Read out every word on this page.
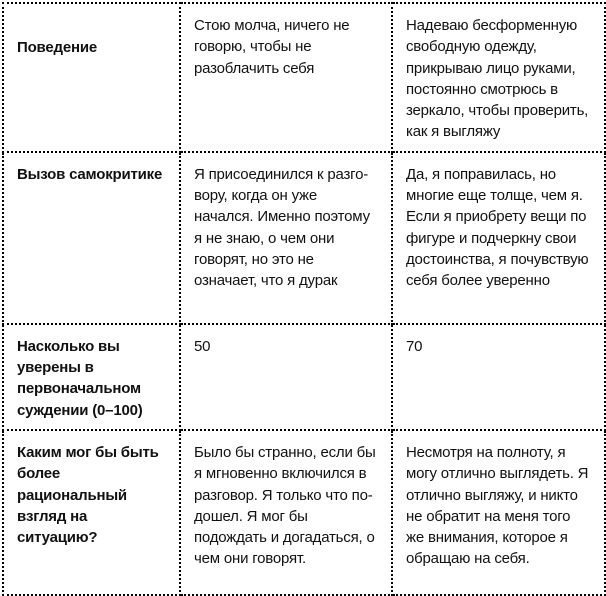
Поведение	Стою молча, ничего не говорю, чтобы не разоблачить себя	Надеваю бесформенную свободную одежду, прикрываю лицо руками, постоянно смотрюсь в зеркало, чтобы проверить, как я выгляжу
Вызов самокритике	Я присоединился к разговору, когда он уже начался. Именно поэтому я не знаю, о чем они говорят, но это не означает, что я дурак	Да, я поправилась, но многие еще толще, чем я. Если я приобрету вещи по фигуре и подчеркну свои достоинства, я почувствую себя более уверенно
Насколько вы уверены в первоначальном суждении (0–100)	50	70
Каким мог бы быть более рациональный взгляд на ситуацию?	Было бы странно, если бы я мгновенно включился в разговор. Я только что подошел. Я мог бы подождать и догадаться, о чем они говорят.	Несмотря на полноту, я могу отлично выглядеть. Я отлично выгляжу, и никто не обратит на меня того же внимания, которое я обращаю на себя.
